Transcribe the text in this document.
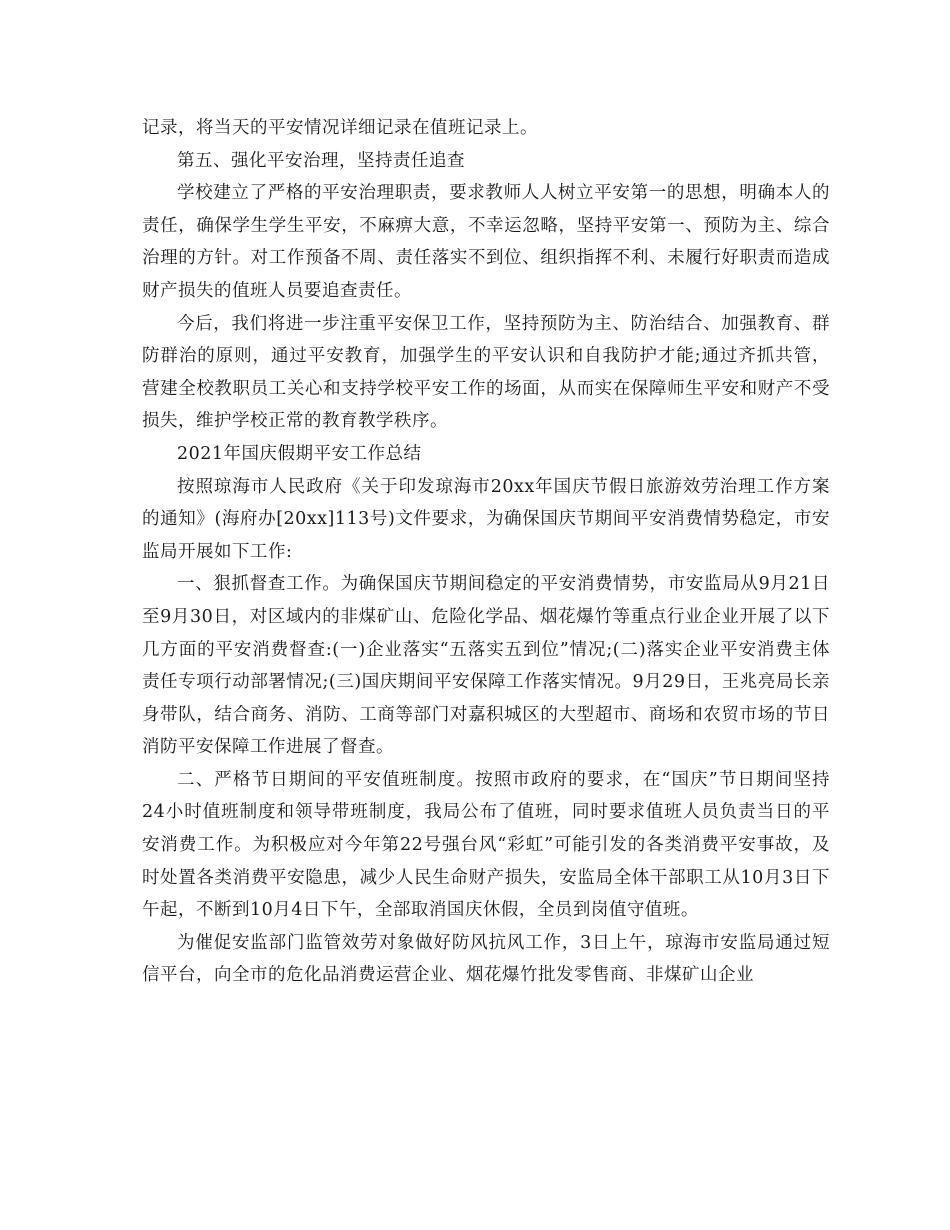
记录，将当天的平安情况详细记录在值班记录上。

第五、强化平安治理，坚持责任追查

学校建立了严格的平安治理职责，要求教师人人树立平安第一的思想，明确本人的责任，确保学生学生平安，不麻痹大意，不幸运忽略，坚持平安第一、预防为主、综合治理的方针。对工作预备不周、责任落实不到位、组织指挥不利、未履行好职责而造成财产损失的值班人员要追查责任。

今后，我们将进一步注重平安保卫工作，坚持预防为主、防治结合、加强教育、群防群治的原则，通过平安教育，加强学生的平安认识和自我防护才能;通过齐抓共管，营建全校教职员工关心和支持学校平安工作的场面，从而实在保障师生平安和财产不受损失，维护学校正常的教育教学秩序。

2021年国庆假期平安工作总结

按照琼海市人民政府《关于印发琼海市20xx年国庆节假日旅游效劳治理工作方案的通知》(海府办[20xx]113号)文件要求，为确保国庆节期间平安消费情势稳定，市安监局开展如下工作:

一、狠抓督查工作。为确保国庆节期间稳定的平安消费情势，市安监局从9月21日至9月30日，对区域内的非煤矿山、危险化学品、烟花爆竹等重点行业企业开展了以下几方面的平安消费督查:(一)企业落实“五落实五到位”情况;(二)落实企业平安消费主体责任专项行动部署情况;(三)国庆期间平安保障工作落实情况。9月29日，王兆亮局长亲身带队，结合商务、消防、工商等部门对嘉积城区的大型超市、商场和农贸市场的节日消防平安保障工作进展了督查。

二、严格节日期间的平安值班制度。按照市政府的要求，在“国庆”节日期间坚持24小时值班制度和领导带班制度，我局公布了值班，同时要求值班人员负责当日的平安消费工作。为积极应对今年第22号强台风“彩虹”可能引发的各类消费平安事故，及时处置各类消费平安隐患，减少人民生命财产损失，安监局全体干部职工从10月3日下午起，不断到10月4日下午，全部取消国庆休假，全员到岗值守值班。

为催促安监部门监管效劳对象做好防风抗风工作，3日上午，琼海市安监局通过短信平台，向全市的危化品消费运营企业、烟花爆竹批发零售商、非煤矿山企业
